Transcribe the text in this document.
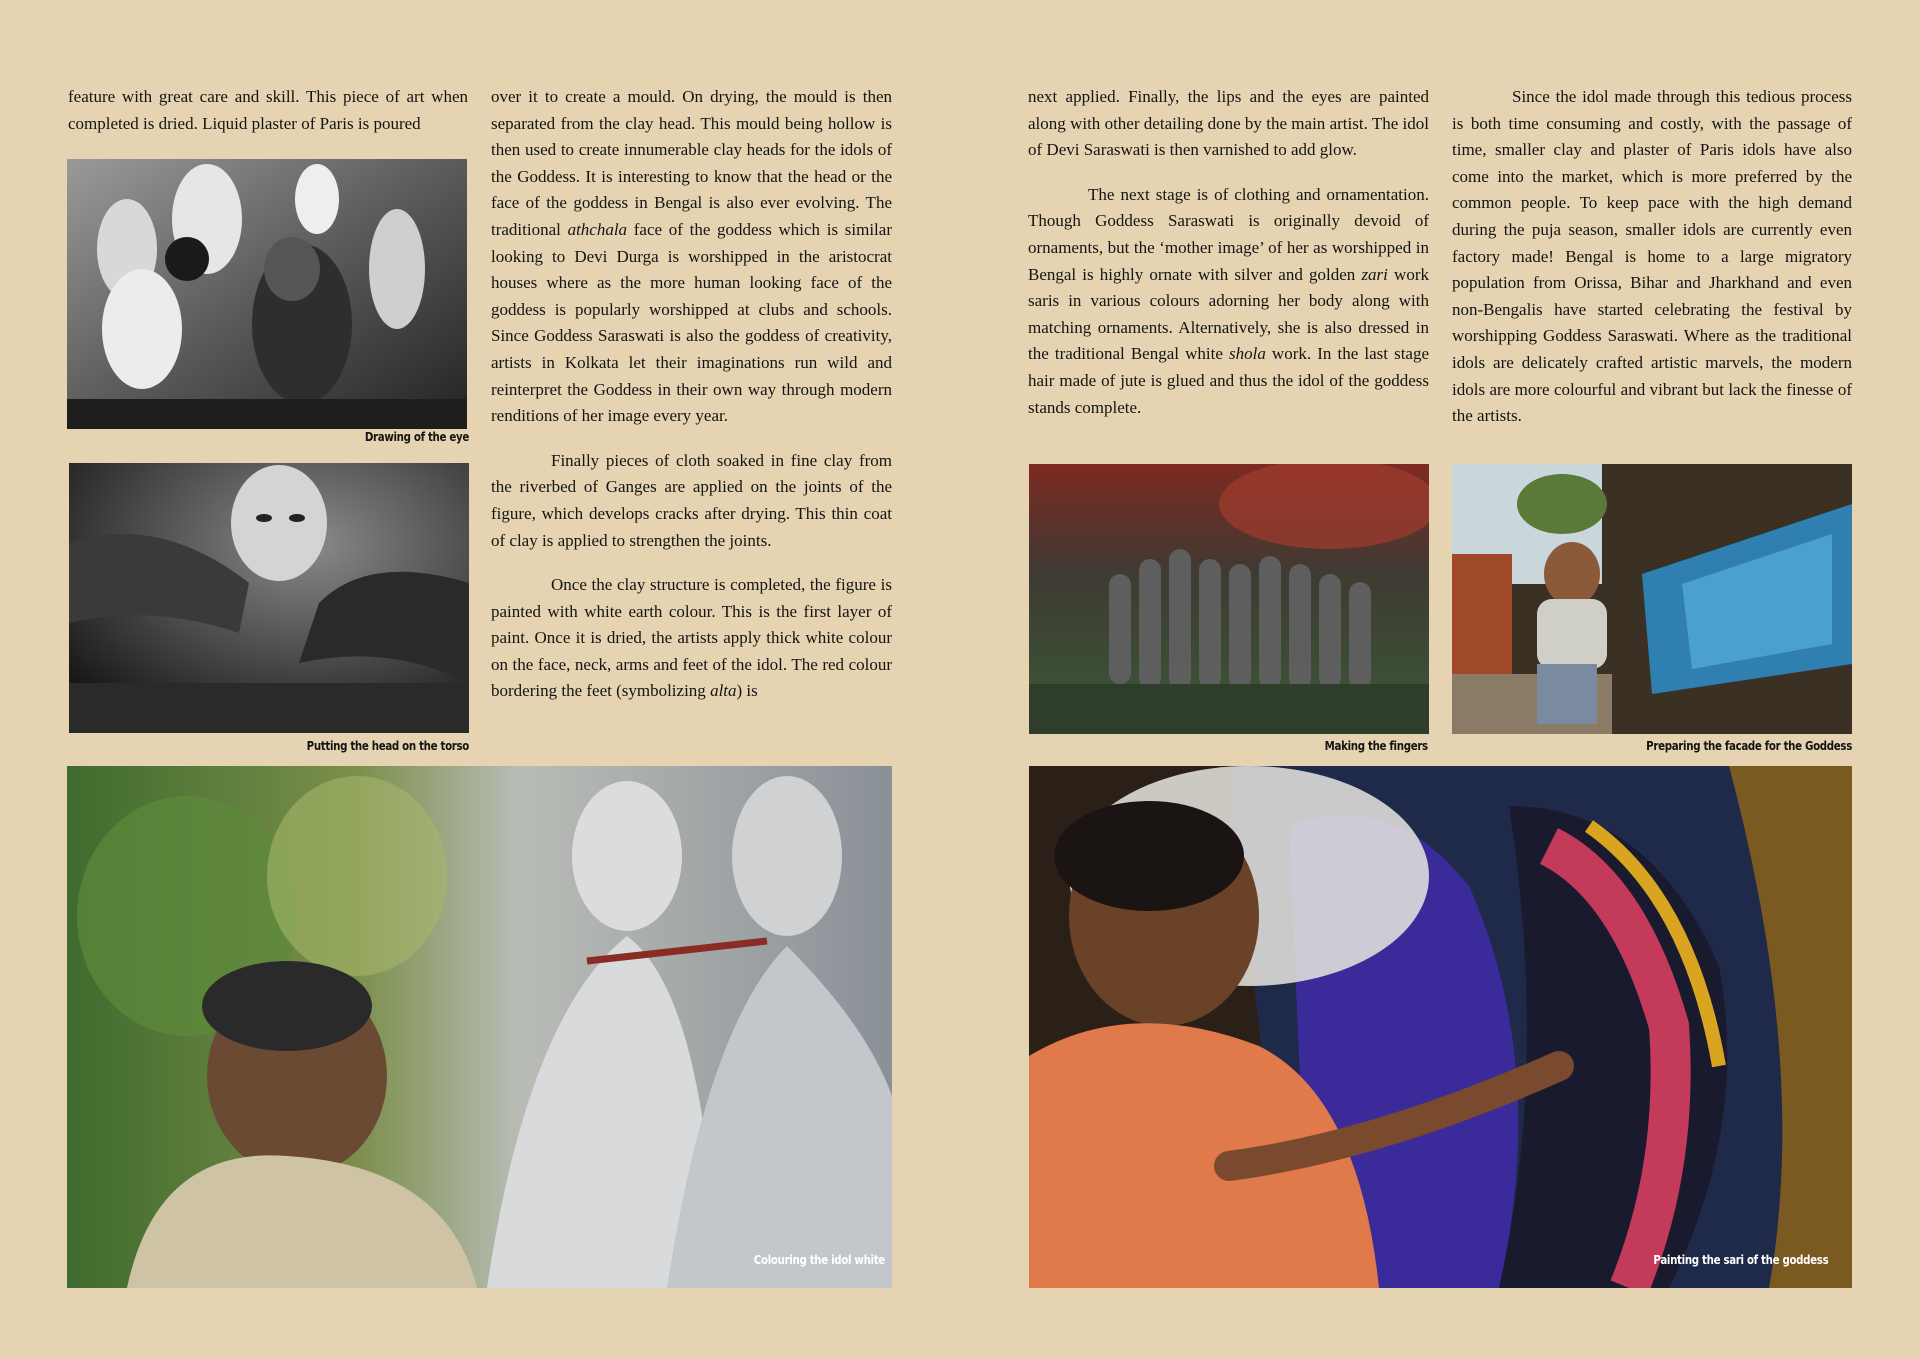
feature with great care and skill. This piece of art when completed is dried. Liquid plaster of Paris is poured

Drawing of the eye
Putting the head on the torso

over it to create a mould. On drying, the mould is then separated from the clay head. This mould being hollow is then used to create innumerable clay heads for the idols of the Goddess. It is interesting to know that the head or the face of the goddess in Bengal is also ever evolving. The traditional athchala face of the goddess which is similar looking to Devi Durga is worshipped in the aristocrat houses where as the more human looking face of the goddess is popularly worshipped at clubs and schools. Since Goddess Saraswati is also the goddess of creativity, artists in Kolkata let their imaginations run wild and reinterpret the Goddess in their own way through modern renditions of her image every year.

Finally pieces of cloth soaked in fine clay from the riverbed of Ganges are applied on the joints of the figure, which develops cracks after drying. This thin coat of clay is applied to strengthen the joints.

Once the clay structure is completed, the figure is painted with white earth colour. This is the first layer of paint. Once it is dried, the artists apply thick white colour on the face, neck, arms and feet of the idol. The red colour bordering the feet (symbolizing alta) is

Colouring the idol white

next applied. Finally, the lips and the eyes are painted along with other detailing done by the main artist. The idol of Devi Saraswati is then varnished to add glow.

The next stage is of clothing and ornamentation. Though Goddess Saraswati is originally devoid of ornaments, but the ‘mother image’ of her as worshipped in Bengal is highly ornate with silver and golden zari work saris in various colours adorning her body along with matching ornaments. Alternatively, she is also dressed in the traditional Bengal white shola work. In the last stage hair made of jute is glued and thus the idol of the goddess stands complete.

Since the idol made through this tedious process is both time consuming and costly, with the passage of time, smaller clay and plaster of Paris idols have also come into the market, which is more preferred by the common people. To keep pace with the high demand during the puja season, smaller idols are currently even factory made! Bengal is home to a large migratory population from Orissa, Bihar and Jharkhand and even non-Bengalis have started celebrating the festival by worshipping Goddess Saraswati. Where as the traditional idols are delicately crafted artistic marvels, the modern idols are more colourful and vibrant but lack the finesse of the artists.

Making the fingers	Preparing the facade for the Goddess
Painting the sari of the goddess
